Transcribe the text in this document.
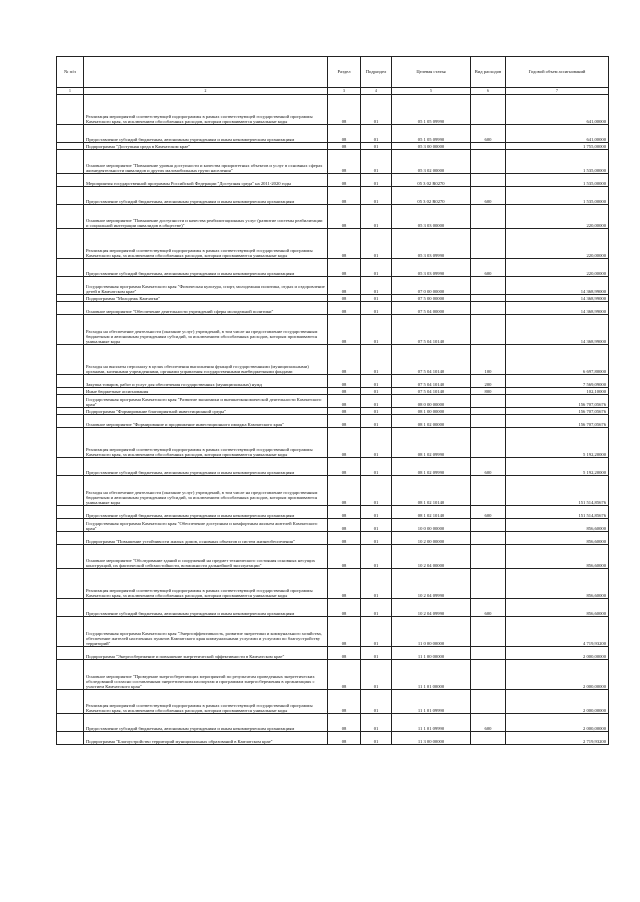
№ п/п		Раздел	Подраздел	Целевая статья	Вид расходов	Годовой объем ассигнований
1	2	3	4	5	6	7
	Реализация мероприятий соответствующей подпрограммы в рамках соответствующей государственной программы Камчатского края, за исключением обособленных расходов, которым присваиваются уникальные коды	08	01	05 1 05 09990		641,00000
	Предоставление субсидий бюджетным, автономным учреждениям и иным некоммерческим организациям	08	01	05 1 05 09990	600	641,00000
	Подпрограмма "Доступная среда в Камчатском крае"	08	01	05 3 00 00000		1 755,00000
	Основное мероприятие "Повышение уровня доступности и качества приоритетных объектов и услуг в основных сферах жизнедеятельности инвалидов и других маломобильных групп населения"	08	01	05 3 02 00000		1 535,00000
	Мероприятия государственной программы Российской Федерации "Доступная среда" на 2011-2020 годы	08	01	05 3 02 R0270		1 535,00000
	Предоставление субсидий бюджетным, автономным учреждениям и иным некоммерческим организациям	08	01	05 3 02 R0270	600	1 535,00000
	Основное мероприятие "Повышение доступности и качества реабилитационных услуг (развитие системы реабилитации и социальной интеграции инвалидов в обществе)"	08	01	05 3 03 00000		220,00000
	Реализация мероприятий соответствующей подпрограммы в рамках соответствующей государственной программы Камчатского края, за исключением обособленных расходов, которым присваиваются уникальные коды	08	01	05 3 03 09990		220,00000
	Предоставление субсидий бюджетным, автономным учреждениям и иным некоммерческим организациям	08	01	05 3 03 09990	600	220,00000
	Государственная программа Камчатского края "Физическая культура, спорт, молодежная политика, отдых и оздоровление детей в Камчатском крае"	08	01	07 0 00 00000		14 368,99000
	Подпрограмма "Молодежь Камчатки"	08	01	07 5 00 00000		14 368,99000
	Основное мероприятие "Обеспечение деятельности учреждений сферы молодежной политики"	08	01	07 5 04 00000		14 368,99000
	Расходы на обеспечение деятельности (оказание услуг) учреждений, в том числе на предоставление государственным бюджетным и автономным учреждениям субсидий, за исключением обособленных расходов, которым присваиваются уникальные коды	08	01	07 5 04 10140		14 368,99000
	Расходы на выплаты персоналу в целях обеспечения выполнения функций государственными (муниципальными) органами, казенными учреждениями, органами управления государственными внебюджетными фондами	08	01	07 5 04 10140	100	6 697,80000
	Закупка товаров, работ и услуг для обеспечения государственных (муниципальных) нужд	08	01	07 5 04 10140	200	7 569,09000
	Иные бюджетные ассигнования	08	01	07 5 04 10140	800	102,10000
	Государственная программа Камчатского края "Развитие экономики и внешнеэкономической деятельности Камчатского края"	08	01	08 0 00 00000		156 707,05676
	Подпрограмма "Формирование благоприятной инвестиционной среды"	08	01	08 1 00 00000		156 707,05676
	Основное мероприятие "Формирование и продвижение инвестиционного имиджа Камчатского края"	08	01	08 1 02 00000		156 707,05676
	Реализация мероприятий соответствующей подпрограммы в рамках соответствующей государственной программы Камчатского края, за исключением обособленных расходов, которым присваиваются уникальные коды	08	01	08 1 02 09990		5 192,20000
	Предоставление субсидий бюджетным, автономным учреждениям и иным некоммерческим организациям	08	01	08 1 02 09990	600	5 192,20000
	Расходы на обеспечение деятельности (оказание услуг) учреждений, в том числе на предоставление государственным бюджетным и автономным учреждениям субсидий, за исключением обособленных расходов, которым присваиваются уникальные коды	08	01	08 1 02 10140		151 514,85676
	Предоставление субсидий бюджетным, автономным учреждениям и иным некоммерческим организациям	08	01	08 1 02 10140	600	151 514,85676
	Государственная программа Камчатского края "Обеспечение доступным и комфортным жильем жителей Камчатского края"	08	01	10 0 00 00000		856,60000
	Подпрограмма "Повышение устойчивости жилых домов, основных объектов и систем жизнеобеспечения"	08	01	10 2 00 00000		856,60000
	Основное мероприятие "Обследование зданий и сооружений на предмет технического состояния основных несущих конструкций, их фактической сейсмостойкости, возможности дальнейшей эксплуатации"	08	01	10 2 04 00000		856,60000
	Реализация мероприятий соответствующей подпрограммы в рамках соответствующей государственной программы Камчатского края, за исключением обособленных расходов, которым присваиваются уникальные коды	08	01	10 2 04 09990		856,60000
	Предоставление субсидий бюджетным, автономным учреждениям и иным некоммерческим организациям	08	01	10 2 04 09990	600	856,60000
	Государственная программа Камчатского края "Энергоэффективность, развитие энергетики и коммунального хозяйства, обеспечение жителей населенных пунктов Камчатского края коммунальными услугами и услугами по благоустройству территорий"	08	01	11 0 00 00000		4 719,93200
	Подпрограмма "Энергосбережение и повышение энергетической эффективности в Камчатском крае"	08	01	11 1 00 00000		2 000,00000
	Основное мероприятие "Проведение энергосберегающих мероприятий по результатам проведенных энергетических обследований согласно составленным энергетическим паспортам и программам энергосбережения в организациях с участием Камчатского края"	08	01	11 1 01 00000		2 000,00000
	Реализация мероприятий соответствующей подпрограммы в рамках соответствующей государственной программы Камчатского края, за исключением обособленных расходов, которым присваиваются уникальные коды	08	01	11 1 01 09990		2 000,00000
	Предоставление субсидий бюджетным, автономным учреждениям и иным некоммерческим организациям	08	01	11 1 01 09990	600	2 000,00000
	Подпрограмма "Благоустройство территорий муниципальных образований в Камчатском крае"	08	01	11 3 00 00000		2 719,93200
